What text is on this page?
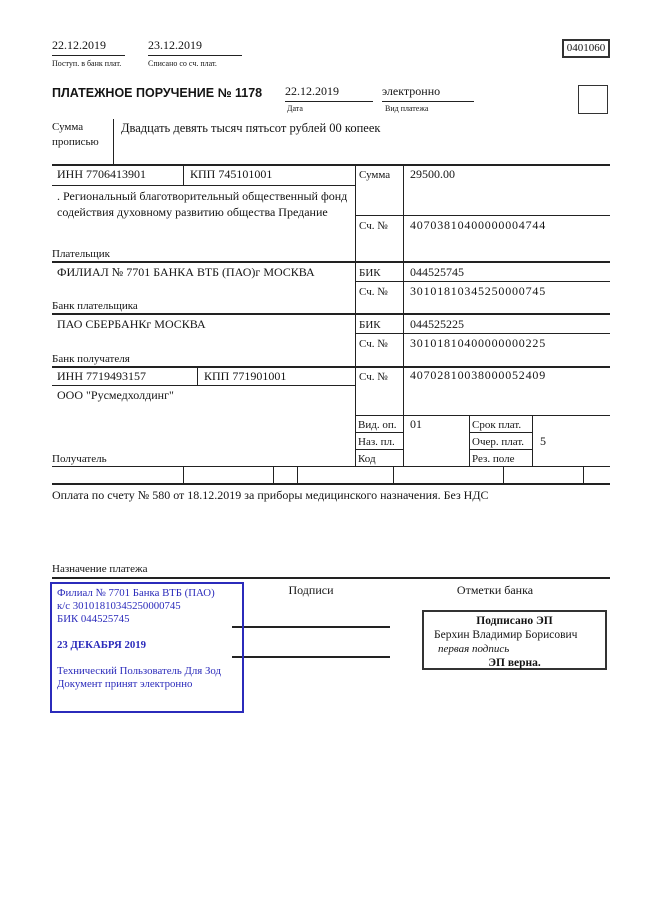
22.12.2019
Поступ. в банк плат.
23.12.2019
Списано со сч. плат.
0401060
ПЛАТЕЖНОЕ ПОРУЧЕНИЕ № 1178 22.12.2019
Дата
электронно
Вид платежа
Сумма прописью
Двадцать девять тысяч пятьсот рублей 00 копеек
ИНН 7706413901	КПП 745101001	Сумма 29500.00
. Региональный благотворительный общественный фонд содействия духовному развитию общества Предание
Сч. № 40703810400000004744
Плательщик
ФИЛИАЛ № 7701 БАНКА ВТБ (ПАО)г МОСКВА	БИК 044525745
Сч. № 30101810345250000745
Банк плательщика
ПАО СБЕРБАНКг МОСКВА	БИК 044525225
Сч. № 30101810400000000225
Банк получателя
ИНН 7719493157	КПП 771901001	Сч. № 40702810038000052409
ООО "Русмедхолдинг"
Вид. оп. 01	Срок плат.
Наз. пл.	Очер. плат. 5
Код	Рез. поле
Получатель
Оплата по счету № 580 от 18.12.2019 за приборы медицинского назначения. Без НДС
Назначение платежа
Подписи	Отметки банка
Филиал № 7701 Банка ВТБ (ПАО)
к/с 30101810345250000745
БИК 044525745
23 ДЕКАБРЯ 2019
Технический Пользователь Для Зод
Документ принят электронно
Подписано ЭП
Берхин Владимир Борисович
первая подпись
ЭП верна.
